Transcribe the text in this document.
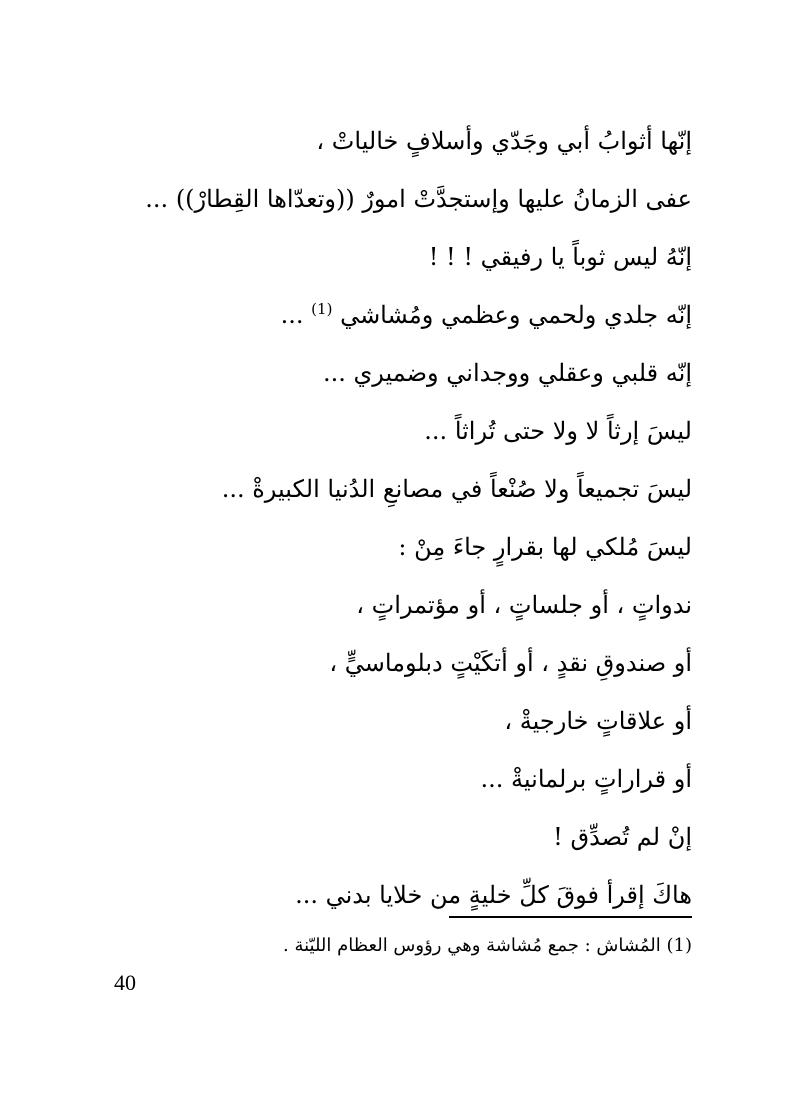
إنّها أثوابُ أبي وجَدّي وأسلافٍ خالياتْ ،
عفى الزمانُ عليها وإستجدَّتْ امورٌ ((وتعدّاها القِطارْ)) ...
إنّهُ ليس ثوباً يا رفيقي ! ! !
إنّه جلدي ولحمي وعظمي ومُشاشي $^{(1)}$ ...
إنّه قلبي وعقلي ووجداني وضميري ...
ليسَ إرثاً لا ولا حتى تُراثاً ...
ليسَ تجميعاً ولا صُنْعاً في مصانعِ الدُنيا الكبيرةْ ...
ليسَ مُلكي لها بقرارٍ جاءَ مِنْ :
ندواتٍ ، أو جلساتٍ ، أو مؤتمراتٍ ،
أو صندوقِ نقدٍ ، أو أتكَيْتٍ دبلوماسيٍّ ،
أو علاقاتٍ خارجيةْ ،
أو قراراتٍ برلمانيةْ ...
إنْ لم تُصدِّق !
هاكَ إقرأ فوقَ كلِّ خليةٍ من خلايا بدني ...
(1) المُشاش : جمع مُشاشة وهي رؤوس العظام الليّنة .
40
